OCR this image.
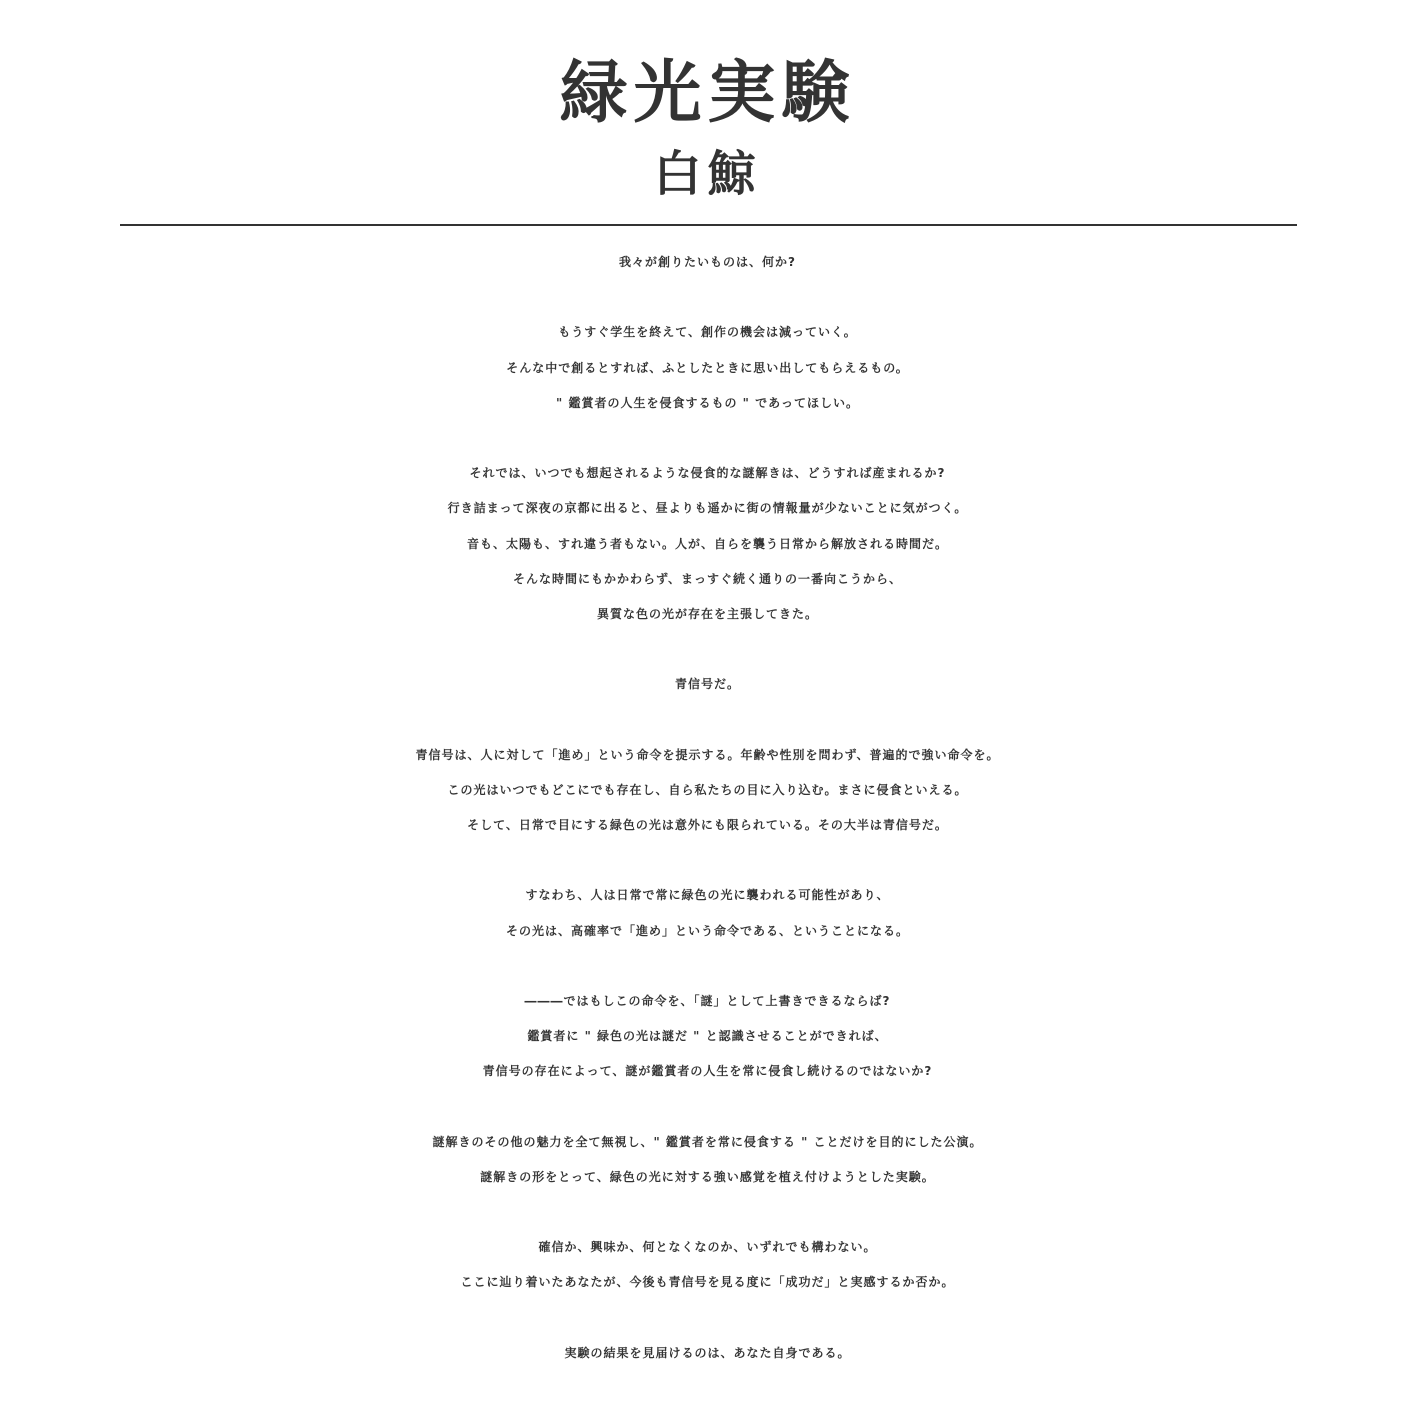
緑光実験
白鯨
我々が創りたいものは、何か?
もうすぐ学生を終えて、創作の機会は減っていく。
そんな中で創るとすれば、ふとしたときに思い出してもらえるもの。
" 鑑賞者の人生を侵食するもの " であってほしい。
それでは、いつでも想起されるような侵食的な謎解きは、どうすれば産まれるか?
行き詰まって深夜の京都に出ると、昼よりも遥かに街の情報量が少ないことに気がつく。
音も、太陽も、すれ違う者もない。人が、自らを襲う日常から解放される時間だ。
そんな時間にもかかわらず、まっすぐ続く通りの一番向こうから、
異質な色の光が存在を主張してきた。
青信号だ。
青信号は、人に対して「進め」という命令を提示する。年齢や性別を問わず、普遍的で強い命令を。
この光はいつでもどこにでも存在し、自ら私たちの目に入り込む。まさに侵食といえる。
そして、日常で目にする緑色の光は意外にも限られている。その大半は青信号だ。
すなわち、人は日常で常に緑色の光に襲われる可能性があり、
その光は、高確率で「進め」という命令である、ということになる。
―――ではもしこの命令を、「謎」として上書きできるならば?
鑑賞者に " 緑色の光は謎だ " と認識させることができれば、
青信号の存在によって、謎が鑑賞者の人生を常に侵食し続けるのではないか?
謎解きのその他の魅力を全て無視し、" 鑑賞者を常に侵食する " ことだけを目的にした公演。
謎解きの形をとって、緑色の光に対する強い感覚を植え付けようとした実験。
確信か、興味か、何となくなのか、いずれでも構わない。
ここに辿り着いたあなたが、今後も青信号を見る度に「成功だ」と実感するか否か。
実験の結果を見届けるのは、あなた自身である。
